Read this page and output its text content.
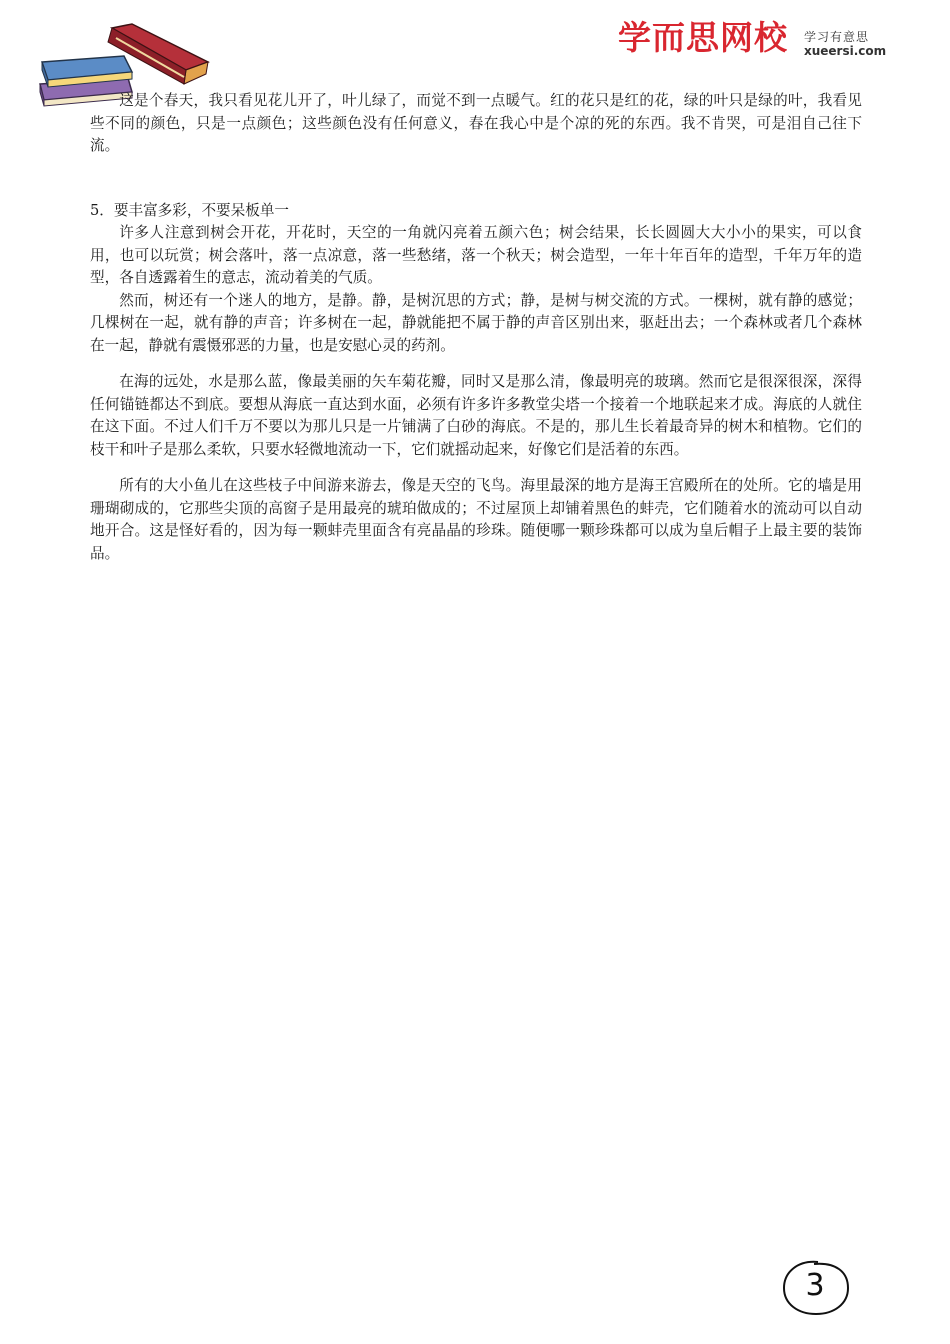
学而思网校 学习有意思
xueersi.com

这是个春天，我只看见花儿开了，叶儿绿了，而觉不到一点暖气。红的花只是红的花，绿的叶只是绿的叶，我看见些不同的颜色，只是一点颜色；这些颜色没有任何意义，春在我心中是个凉的死的东西。我不肯哭，可是泪自己往下流。

5．要丰富多彩，不要呆板单一

许多人注意到树会开花，开花时，天空的一角就闪亮着五颜六色；树会结果，长长圆圆大大小小的果实，可以食用，也可以玩赏；树会落叶，落一点凉意，落一些愁绪，落一个秋天；树会造型，一年十年百年的造型，千年万年的造型，各自透露着生的意志，流动着美的气质。

然而，树还有一个迷人的地方，是静。静，是树沉思的方式；静，是树与树交流的方式。一棵树，就有静的感觉；几棵树在一起，就有静的声音；许多树在一起，静就能把不属于静的声音区别出来，驱赶出去；一个森林或者几个森林在一起，静就有震慑邪恶的力量，也是安慰心灵的药剂。

在海的远处，水是那么蓝，像最美丽的矢车菊花瓣，同时又是那么清，像最明亮的玻璃。然而它是很深很深，深得任何锚链都达不到底。要想从海底一直达到水面，必须有许多许多教堂尖塔一个接着一个地联起来才成。海底的人就住在这下面。不过人们千万不要以为那儿只是一片铺满了白砂的海底。不是的，那儿生长着最奇异的树木和植物。它们的枝干和叶子是那么柔软，只要水轻微地流动一下，它们就摇动起来，好像它们是活着的东西。

所有的大小鱼儿在这些枝子中间游来游去，像是天空的飞鸟。海里最深的地方是海王宫殿所在的处所。它的墙是用珊瑚砌成的，它那些尖顶的高窗子是用最亮的琥珀做成的；不过屋顶上却铺着黑色的蚌壳，它们随着水的流动可以自动地开合。这是怪好看的，因为每一颗蚌壳里面含有亮晶晶的珍珠。随便哪一颗珍珠都可以成为皇后帽子上最主要的装饰品。

3
